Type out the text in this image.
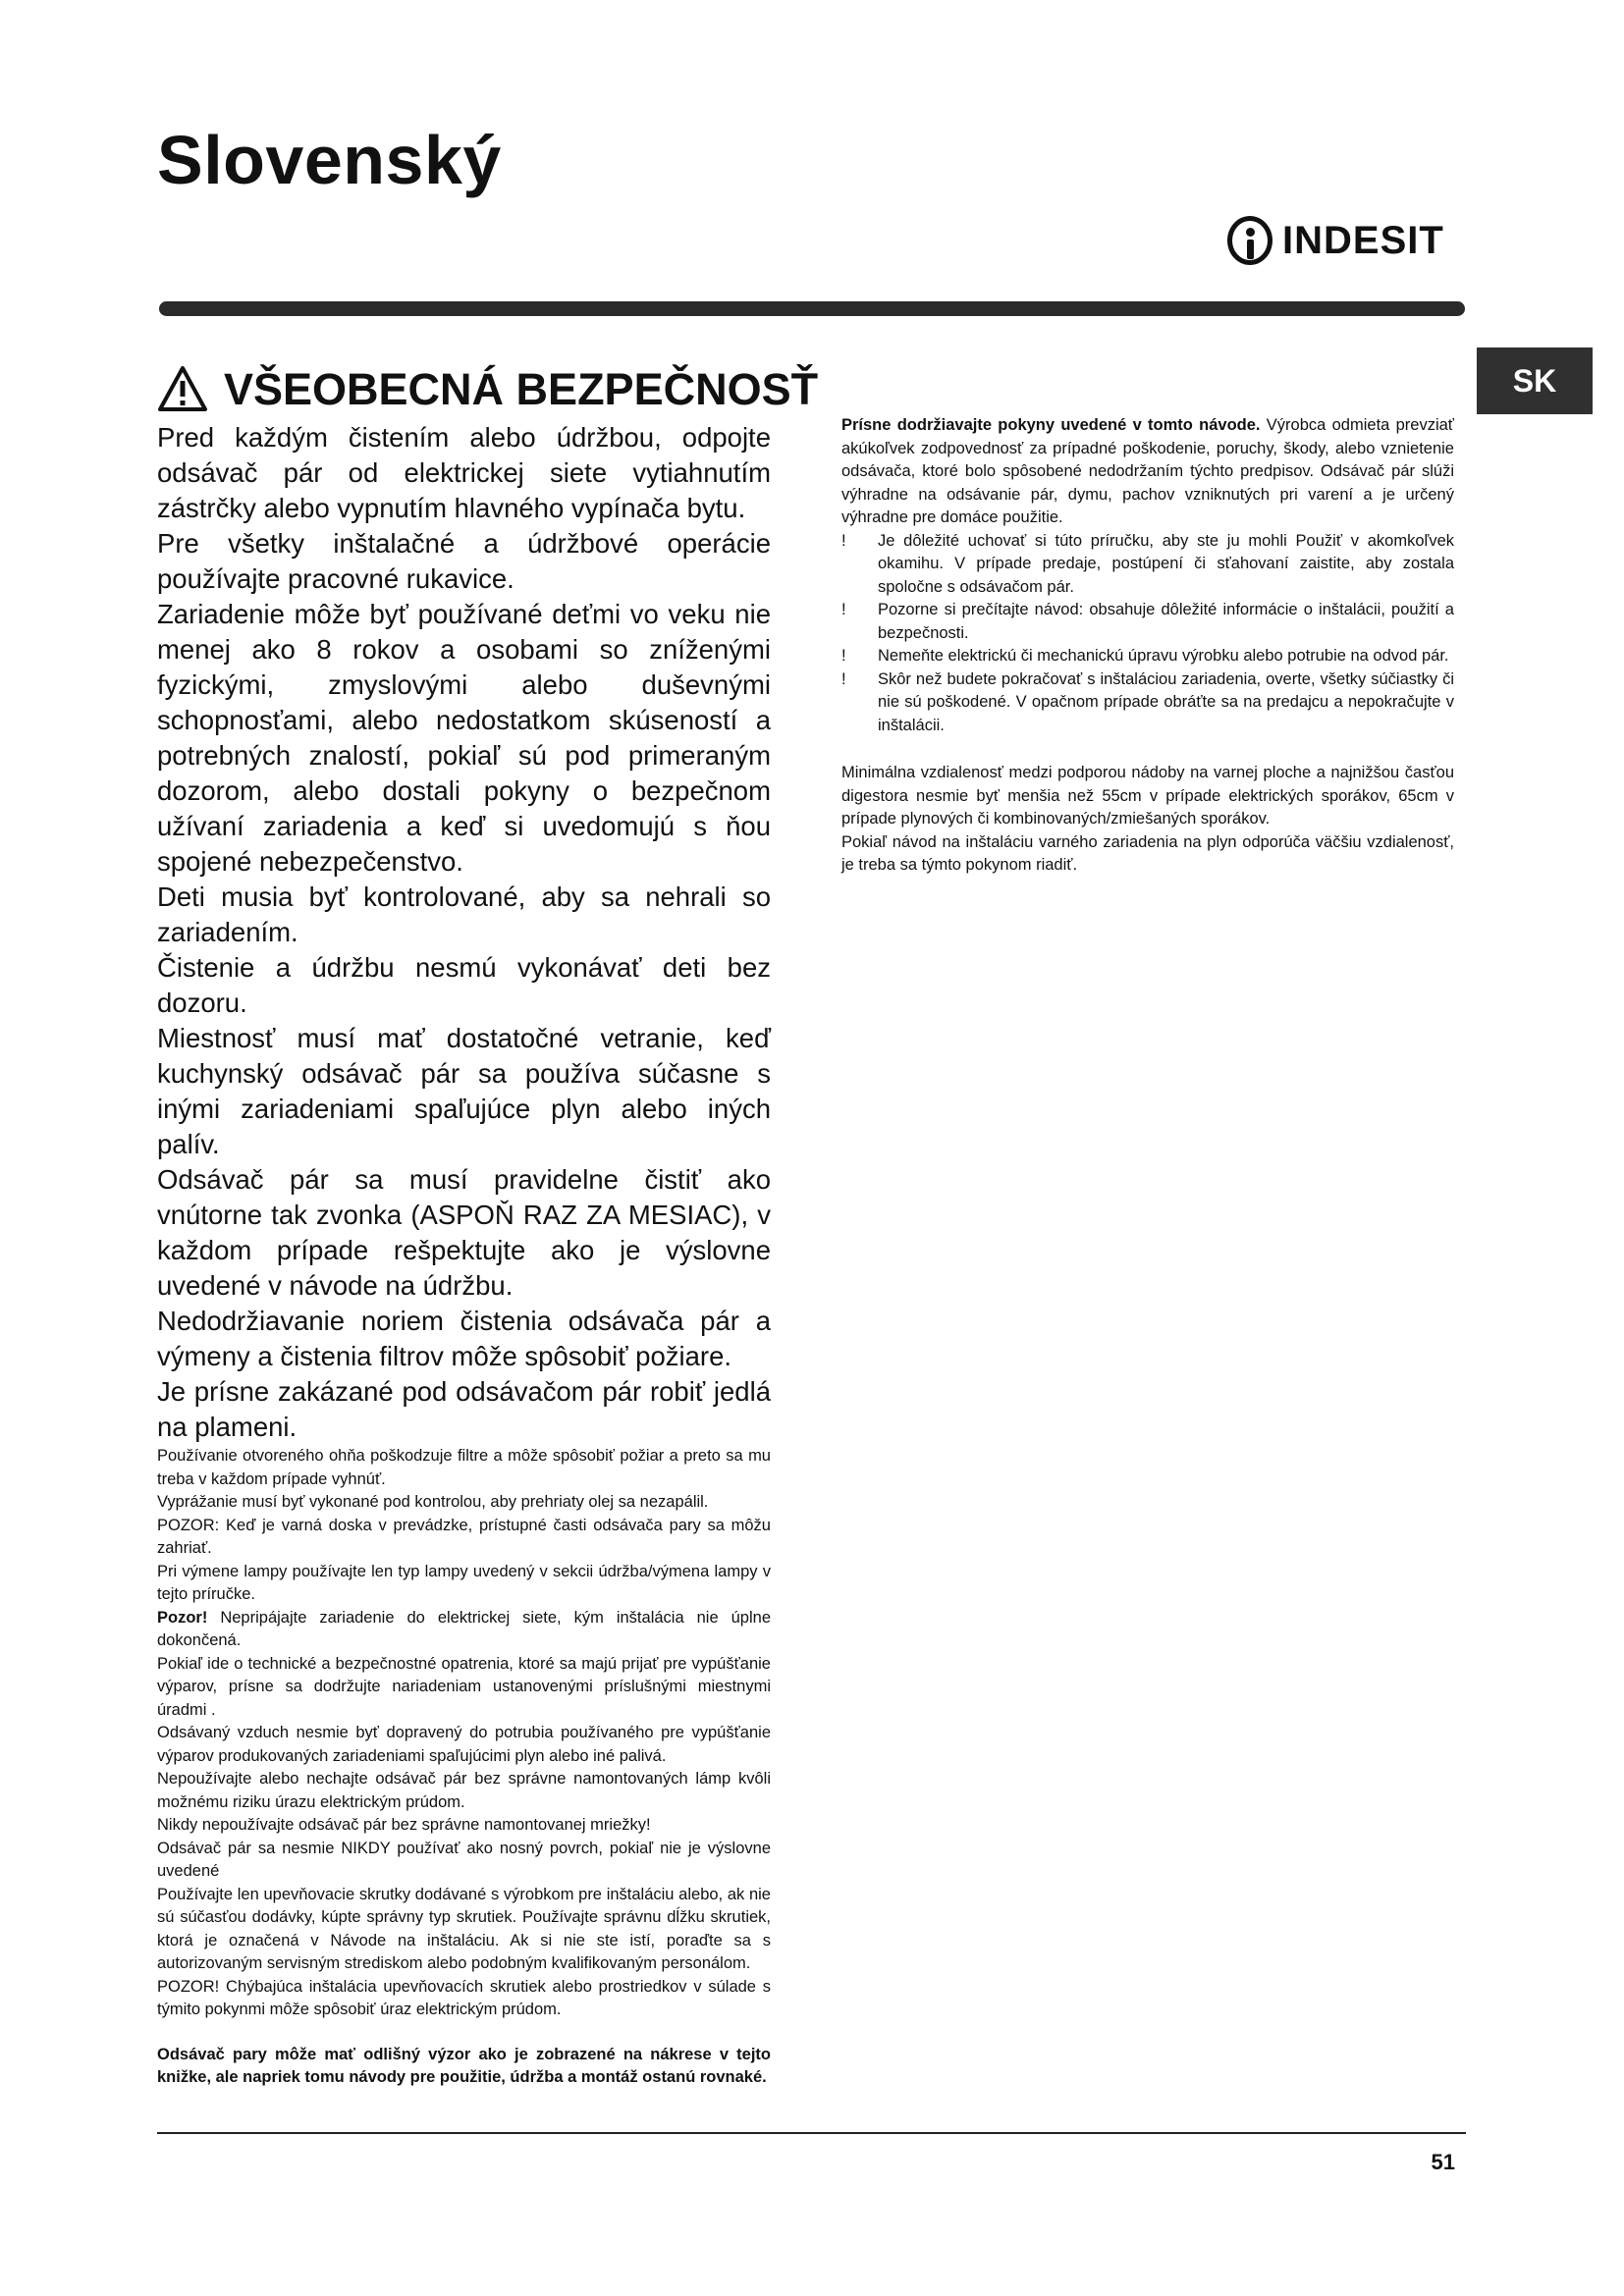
Slovenský
INDESIT
SK
VŠEOBECNÁ BEZPEČNOSŤ

Pred každým čistením alebo údržbou, odpojte odsávač pár od elektrickej siete vytiahnutím zástrčky alebo vypnutím hlavného vypínača bytu.

Pre všetky inštalačné a údržbové operácie používajte pracovné rukavice.

Zariadenie môže byť používané deťmi vo veku nie menej ako 8 rokov a osobami so zníženými fyzickými, zmyslovými alebo duševnými schopnosťami, alebo nedostatkom skúseností a potrebných znalostí, pokiaľ sú pod primeraným dozorom, alebo dostali pokyny o bezpečnom užívaní zariadenia a keď si uvedomujú s ňou spojené nebezpečenstvo.

Deti musia byť kontrolované, aby sa nehrali so zariadením.

Čistenie a údržbu nesmú vykonávať deti bez dozoru.

Miestnosť musí mať dostatočné vetranie, keď kuchynský odsávač pár sa používa súčasne s inými zariadeniami spaľujúce plyn alebo iných palív.

Odsávač pár sa musí pravidelne čistiť ako vnútorne tak zvonka (ASPOŇ RAZ ZA MESIAC), v každom prípade rešpektujte ako je výslovne uvedené v návode na údržbu.

Nedodržiavanie noriem čistenia odsávača pár a výmeny a čistenia filtrov môže spôsobiť požiare.

Je prísne zakázané pod odsávačom pár robiť jedlá na plameni.

Používanie otvoreného ohňa poškodzuje filtre a môže spôsobiť požiar a preto sa mu treba v každom prípade vyhnúť.

Vyprážanie musí byť vykonané pod kontrolou, aby prehriaty olej sa nezapálil.

POZOR: Keď je varná doska v prevádzke, prístupné časti odsávača pary sa môžu zahriať.

Pri výmene lampy používajte len typ lampy uvedený v sekcii údržba/výmena lampy v tejto príručke.

Pozor! Nepripájajte zariadenie do elektrickej siete, kým inštalácia nie úplne dokončená.

Pokiaľ ide o technické a bezpečnostné opatrenia, ktoré sa majú prijať pre vypúšťanie výparov, prísne sa dodržujte nariadeniam ustanovenými príslušnými miestnymi úradmi .

Odsávaný vzduch nesmie byť dopravený do potrubia používaného pre vypúšťanie výparov produkovaných zariadeniami spaľujúcimi plyn alebo iné palivá.

Nepoužívajte alebo nechajte odsávač pár bez správne namontovaných lámp kvôli možnému riziku úrazu elektrickým prúdom.

Nikdy nepoužívajte odsávač pár bez správne namontovanej mriežky!

Odsávač pár sa nesmie NIKDY používať ako nosný povrch, pokiaľ nie je výslovne uvedené

Používajte len upevňovacie skrutky dodávané s výrobkom pre inštaláciu alebo, ak nie sú súčasťou dodávky, kúpte správny typ skrutiek. Používajte správnu dĺžku skrutiek, ktorá je označená v Návode na inštaláciu. Ak si nie ste istí, poraďte sa s autorizovaným servisným strediskom alebo podobným kvalifikovaným personálom.

POZOR! Chýbajúca inštalácia upevňovacích skrutiek alebo prostriedkov v súlade s týmito pokynmi môže spôsobiť úraz elektrickým prúdom.

Odsávač pary môže mať odlišný výzor ako je zobrazené na nákrese v tejto knižke, ale napriek tomu návody pre použitie, údržba a montáž ostanú rovnaké.

Prísne dodržiavajte pokyny uvedené v tomto návode. Výrobca odmieta prevziať akúkoľvek zodpovednosť za prípadné poškodenie, poruchy, škody, alebo vznietenie odsávača, ktoré bolo spôsobené nedodržaním týchto predpisov. Odsávač pár slúži výhradne na odsávanie pár, dymu, pachov vzniknutých pri varení a je určený výhradne pre domáce použitie.

!	Je dôležité uchovať si túto príručku, aby ste ju mohli Použiť v akomkoľvek okamihu. V prípade predaje, postúpení či sťahovaní zaistite, aby zostala spoločne s odsávačom pár.
!	Pozorne si prečítajte návod: obsahuje dôležité informácie o inštalácii, použití a bezpečnosti.
!	Nemeňte elektrickú či mechanickú úpravu výrobku alebo potrubie na odvod pár.
!	Skôr než budete pokračovať s inštaláciou zariadenia, overte, všetky súčiastky či nie sú poškodené. V opačnom prípade obráťte sa na predajcu a nepokračujte v inštalácii.

Minimálna vzdialenosť medzi podporou nádoby na varnej ploche a najnižšou časťou digestora nesmie byť menšia než 55cm v prípade elektrických sporákov, 65cm v prípade plynových či kombinovaných/zmiešaných sporákov.

Pokiaľ návod na inštaláciu varného zariadenia na plyn odporúča väčšiu vzdialenosť, je treba sa týmto pokynom riadiť.

51
